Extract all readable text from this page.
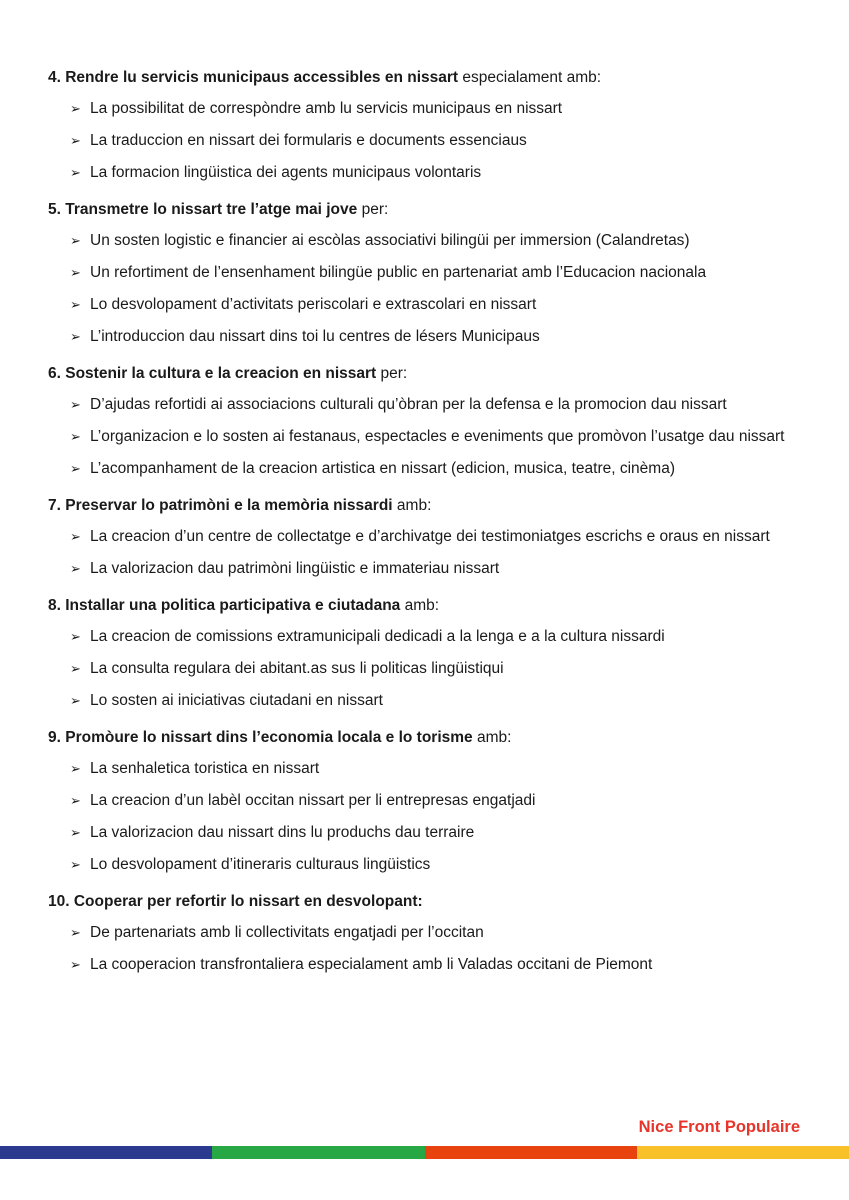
4. Rendre lu servicis municipaus accessibles en nissart especialament amb:

➢ La possibilitat de correspòndre amb lu servicis municipaus en nissart
➢ La traduccion en nissart dei formularis e documents essenciaus
➢ La formacion lingüistica dei agents municipaus volontaris

5. Transmetre lo nissart tre l’atge mai jove per:

➢ Un sosten logistic e financier ai escòlas associativi bilingüi per immersion (Calandretas)
➢ Un refortiment de l’ensenhament bilingüe public en partenariat amb l’Educacion nacionala
➢ Lo desvolopament d’activitats periscolari e extrascolari en nissart
➢ L’introduccion dau nissart dins toi lu centres de lésers Municipaus

6. Sostenir la cultura e la creacion en nissart per:

➢ D’ajudas refortidi ai associacions culturali qu’òbran per la defensa e la promocion dau nissart
➢ L’organizacion e lo sosten ai festanaus, espectacles e eveniments que promòvon l’usatge dau nissart
➢ L’acompanhament de la creacion artistica en nissart (edicion, musica, teatre, cinèma)

7. Preservar lo patrimòni e la memòria nissardi amb:

➢ La creacion d’un centre de collectatge e d’archivatge dei testimoniatges escrichs e oraus en nissart
➢ La valorizacion dau patrimòni lingüistic e immateriau nissart

8. Installar una politica participativa e ciutadana amb:

➢ La creacion de comissions extramunicipali dedicadi a la lenga e a la cultura nissardi
➢ La consulta regulara dei abitant.as sus li politicas lingüistiqui
➢ Lo sosten ai iniciativas ciutadani en nissart

9. Promòure lo nissart dins l’economia locala e lo torisme amb:

➢ La senhaletica toristica en nissart
➢ La creacion d’un labèl occitan nissart per li entrepresas engatjadi
➢ La valorizacion dau nissart dins lu produchs dau terraire
➢ Lo desvolopament d’itineraris culturaus lingüistics

10. Cooperar per refortir lo nissart en desvolopant:

➢ De partenariats amb li collectivitats engatjadi per l’occitan
➢ La cooperacion transfrontaliera especialament amb li Valadas occitani de Piemont
Nice Front Populaire
